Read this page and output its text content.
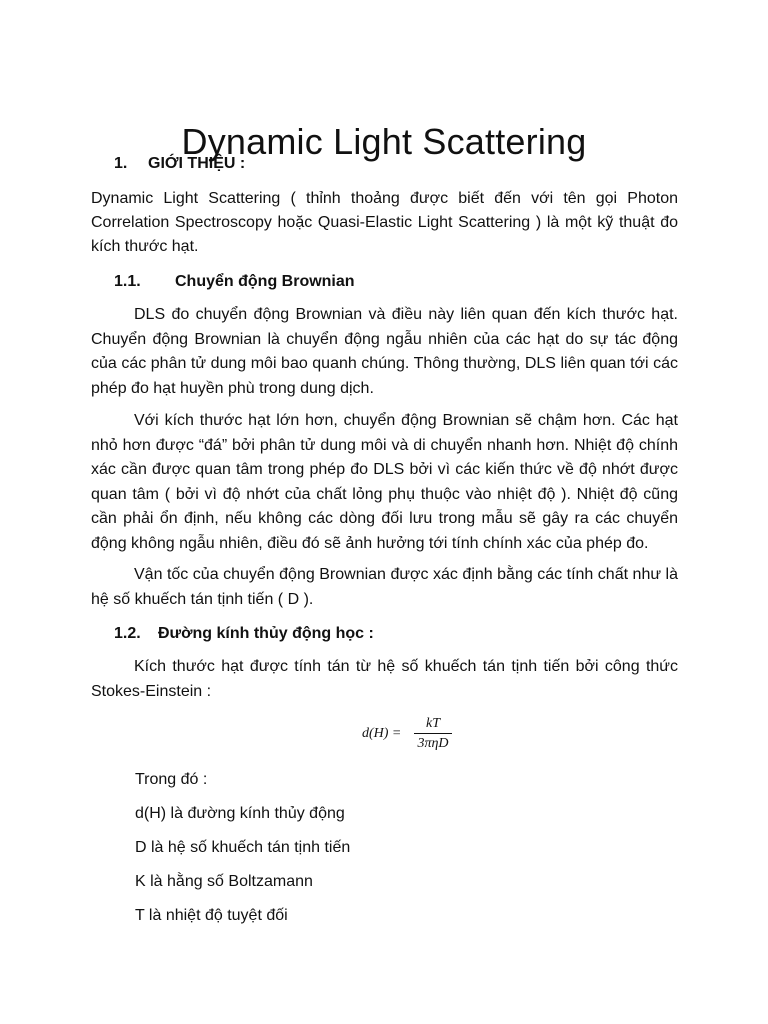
Dynamic Light Scattering
1. GIỚI THIỆU :
Dynamic Light Scattering ( thỉnh thoảng được biết đến với tên gọi Photon
Correlation Spectroscopy hoặc Quasi-Elastic Light Scattering ) là một kỹ thuật đo
kích thước hạt.
1.1. Chuyển động Brownian
DLS đo chuyển động Brownian và điều này liên quan đến kích thước hạt. Chuyển động Brownian là chuyển động ngẫu nhiên của các hạt do sự tác động của các phân tử dung môi bao quanh chúng. Thông thường, DLS liên quan tới các phép đo hạt huyền phù trong dung dịch.
Với kích thước hạt lớn hơn, chuyển động Brownian sẽ chậm hơn. Các hạt nhỏ hơn được “đá” bởi phân tử dung môi và di chuyển nhanh hơn. Nhiệt độ chính xác cần được quan tâm trong phép đo DLS bởi vì các kiến thức về độ nhớt được quan tâm ( bởi vì độ nhớt của chất lỏng phụ thuộc vào nhiệt độ ). Nhiệt độ cũng cần phải ổn định, nếu không các dòng đối lưu trong mẫu sẽ gây ra các chuyển động không ngẫu nhiên, điều đó sẽ ảnh hưởng tới tính chính xác của phép đo.
Vận tốc của chuyển động Brownian được xác định bằng các tính chất như là hệ số khuếch tán tịnh tiến ( D ).
1.2. Đường kính thủy động học :
Kích thước hạt được tính tán từ hệ số khuếch tán tịnh tiến bởi công thức Stokes-Einstein :
d(H) =
kT
3πηD
Trong đó :
d(H) là đường kính thủy động
D là hệ số khuếch tán tịnh tiến
K là hằng số Boltzamann
T là nhiệt độ tuyệt đối
